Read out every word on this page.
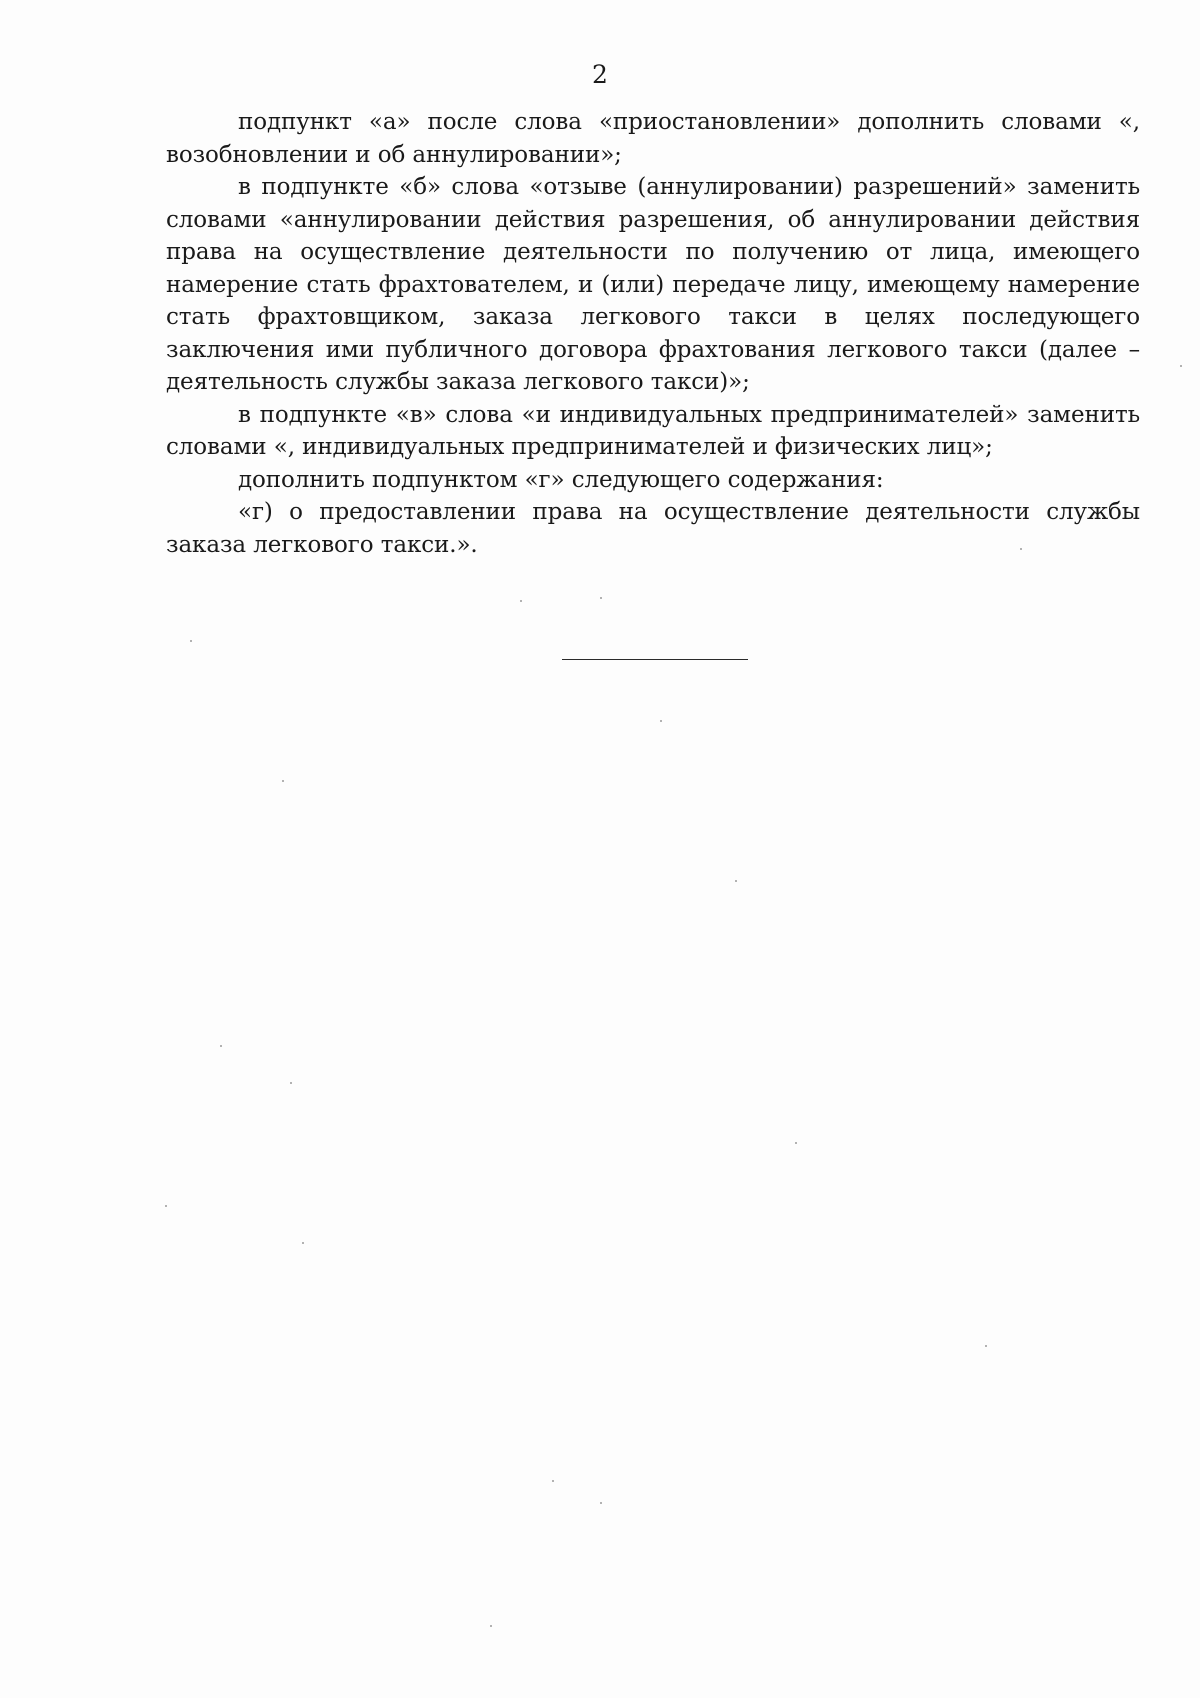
2

подпункт «а» после слова «приостановлении» дополнить словами «, возобновлении и об аннулировании»;

в подпункте «б» слова «отзыве (аннулировании) разрешений» заменить словами «аннулировании действия разрешения, об аннулировании действия права на осуществление деятельности по получению от лица, имеющего намерение стать фрахтователем, и (или) передаче лицу, имеющему намерение стать фрахтовщиком, заказа легкового такси в целях последующего заключения ими публичного договора фрахтования легкового такси (далее – деятельность службы заказа легкового такси)»;

в подпункте «в» слова «и индивидуальных предпринимателей» заменить словами «, индивидуальных предпринимателей и физических лиц»;

дополнить подпунктом «г» следующего содержания:

«г) о предоставлении права на осуществление деятельности службы заказа легкового такси.».
